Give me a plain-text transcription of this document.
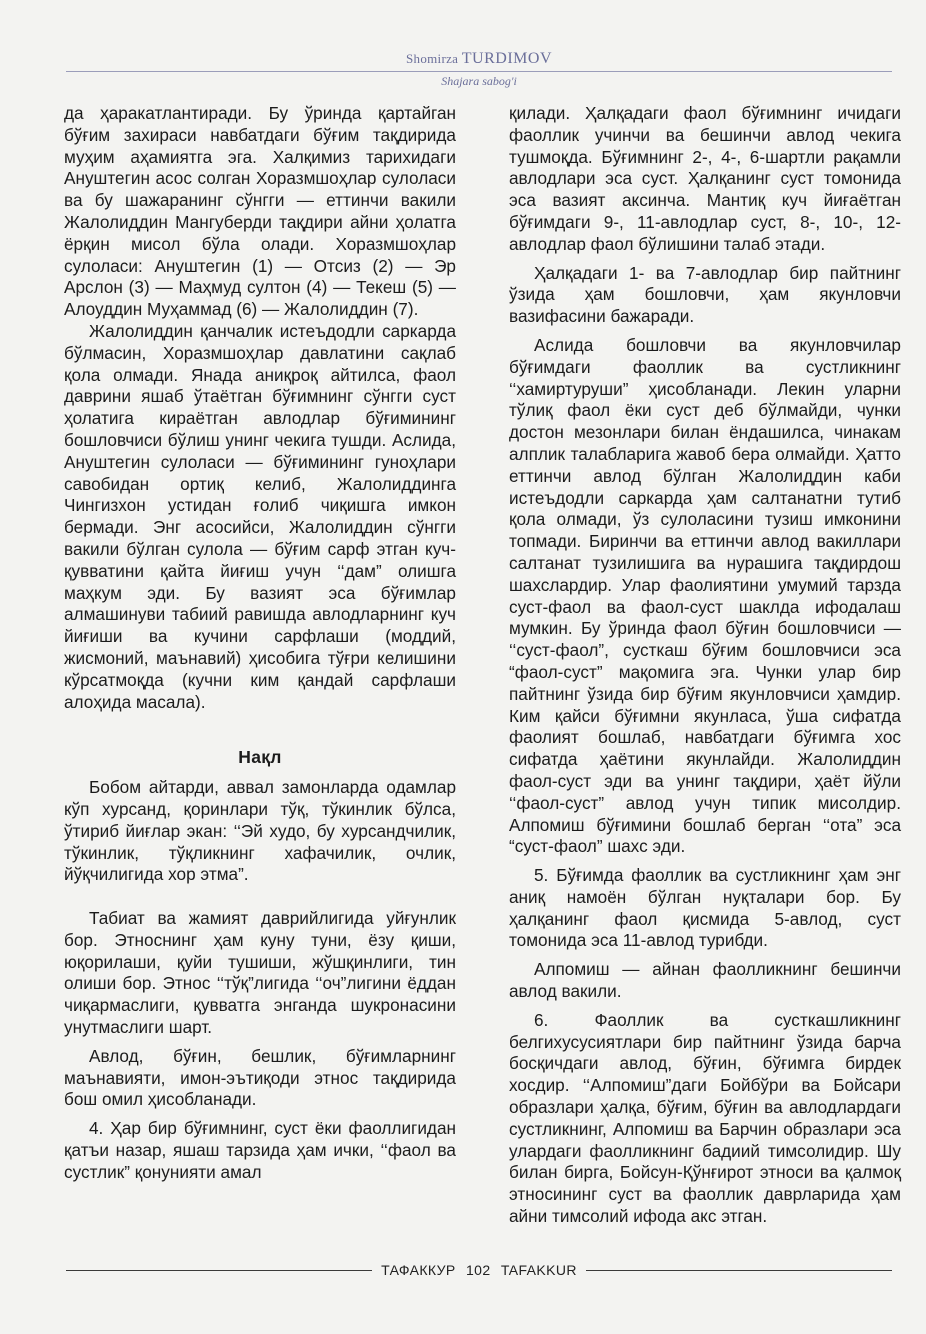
Shomirza TURDIMOV
Shajara sabog'i

да ҳаракатлантиради. Бу ўринда қартайган бўғим захираси навбатдаги бўғим тақдирида муҳим аҳамиятга эга. Халқимиз тарихидаги Ануштегин асос солган Хоразмшоҳлар сулоласи ва бу шажаранинг сўнгги — еттинчи вакили Жалолиддин Мангуберди тақдири айни ҳолатга ёрқин мисол бўла олади. Хоразмшоҳлар сулоласи: Ануштегин (1) — Отсиз (2) — Эр Арслон (3) — Маҳмуд султон (4) — Текеш (5) — Алоуддин Муҳаммад (6) — Жалолиддин (7).

Жалолиддин қанчалик истеъдодли саркарда бўлмасин, Хоразмшоҳлар давлатини сақлаб қола олмади. Янада аниқроқ айтилса, фаол даврини яшаб ўтаётган бўғимнинг сўнгги суст ҳолатига кираётган авлодлар бўғимининг бошловчиси бўлиш унинг чекига тушди. Аслида, Ануштегин сулоласи — бўғимининг гуноҳлари савобидан ортиқ келиб, Жалолиддинга Чингизхон устидан ғолиб чиқишга имкон бермади. Энг асосийси, Жалолиддин сўнгги вакили бўлган сулола — бўғим сарф этган куч-қувватини қайта йиғиш учун ‘‘дам” олишга маҳкум эди. Бу вазият эса бўғимлар алмашинуви табиий равишда авлодларнинг куч йиғиши ва кучини сарфлаши (моддий, жисмоний, маънавий) ҳисобига тўғри келишини кўрсатмоқда (кучни ким қандай сарфлаши алоҳида масала).

Нақл

Бобом айтарди, аввал замонларда одамлар кўп хурсанд, қоринлари тўқ, тўкинлик бўлса, ўтириб йиғлар экан: ‘‘Эй худо, бу хурсандчилик, тўкинлик, тўқликнинг хафачилик, очлик, йўқчилигида хор этма”.

Табиат ва жамият даврийлигида уйғунлик бор. Этноснинг ҳам куну туни, ёзу қиши, юқорилаши, қуйи тушиши, жўшқинлиги, тин олиши бор. Этнос ‘‘тўқ”лигида ‘‘оч”лигини ёддан чиқармаслиги, қувватга энганда шукронасини унутмаслиги шарт.

Авлод, бўғин, бешлик, бўғимларнинг маънавияти, имон-эътиқоди этнос тақдирида бош омил ҳисобланади.

4. Ҳар бир бўғимнинг, суст ёки фаоллигидан қатъи назар, яшаш тарзида ҳам ички, ‘‘фаол ва сустлик” қонунияти амал

қилади. Ҳалқадаги фаол бўғимнинг ичидаги фаоллик учинчи ва бешинчи авлод чекига тушмоқда. Бўғимнинг 2-, 4-, 6-шартли рақамли авлодлари эса суст. Ҳалқанинг суст томонида эса вазият аксинча. Мантиқ куч йиғаётган бўғимдаги 9-, 11-авлодлар суст, 8-, 10-, 12-авлодлар фаол бўлишини талаб этади.

Ҳалқадаги 1- ва 7-авлодлар бир пайтнинг ўзида ҳам бошловчи, ҳам якунловчи вазифасини бажаради.

Аслида бошловчи ва якунловчилар бўғимдаги фаоллик ва сустликнинг ‘‘хамиртуруши” ҳисобланади. Лекин уларни тўлиқ фаол ёки суст деб бўлмайди, чунки достон мезонлари билан ёндашилса, чинакам алплик талабларига жавоб бера олмайди. Ҳатто еттинчи авлод бўлган Жалолиддин каби истеъдодли саркарда ҳам салтанатни тутиб қола олмади, ўз сулоласини тузиш имконини топмади. Биринчи ва еттинчи авлод вакиллари салтанат тузилишига ва нурашига тақдирдош шахслардир. Улар фаолиятини умумий тарзда суст-фаол ва фаол-суст шаклда ифодалаш мумкин. Бу ўринда фаол бўғин бошловчиси — ‘‘суст-фаол”, сусткаш бўғим бошловчиси эса “фаол-суст” мақомига эга. Чунки улар бир пайтнинг ўзида бир бўғим якунловчиси ҳамдир. Ким қайси бўғимни якунласа, ўша сифатда фаолият бошлаб, навбатдаги бўғимга хос сифатда ҳаётини якунлайди. Жалолиддин фаол-суст эди ва унинг тақдири, ҳаёт йўли ‘‘фаол-суст” авлод учун типик мисолдир. Алпомиш бўғимини бошлаб берган ‘‘ота” эса “суст-фаол” шахс эди.

5. Бўғимда фаоллик ва сустликнинг ҳам энг аниқ намоён бўлган нуқталари бор. Бу ҳалқанинг фаол қисмида 5-авлод, суст томонида эса 11-авлод турибди.

Алпомиш — айнан фаолликнинг бешинчи авлод вакили.

6. Фаоллик ва сусткашликнинг белгихусусиятлари бир пайтнинг ўзида барча босқичдаги авлод, бўғин, бўғимга бирдек хосдир. ‘‘Алпомиш”даги Бойбўри ва Бойсари образлари ҳалқа, бўғим, бўғин ва авлодлардаги сустликнинг, Алпомиш ва Барчин образлари эса улардаги фаолликнинг бадиий тимсолидир. Шу билан бирга, Бойсун-Қўнғирот этноси ва қалмоқ этносининг суст ва фаоллик даврларида ҳам айни тимсолий ифода акс этган.

ТАФАККУР 102 TAFAKKUR
